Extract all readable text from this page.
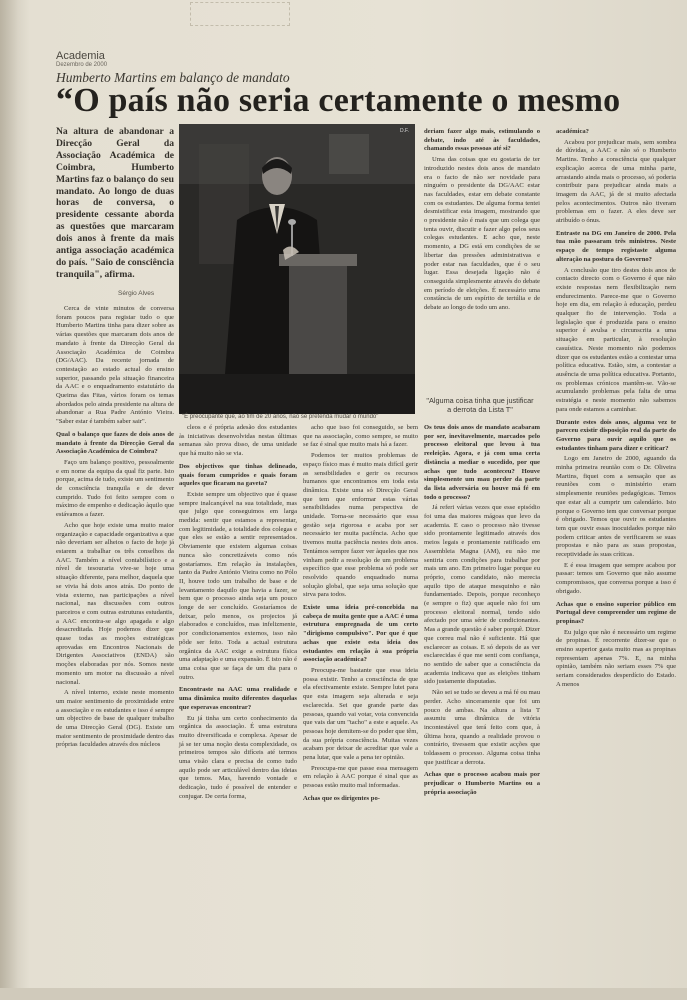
Academia
Dezembro de 2000
Humberto Martins em balanço de mandato
“O país não seria certamente o mesmo
Na altura de abandonar a Direcção Geral da Associação Académica de Coimbra, Humberto Martins faz o balanço do seu mandato. Ao longo de duas horas de conversa, o presidente cessante aborda as questões que marcaram dois anos à frente da mais antiga associação académica do país. "Saio de consciência tranquila", afirma.
Sérgio Alves
D.F.
"É preocupante que, ao fim de 20 anos, não se pretenda mudar o mundo"

Cerca de vinte minutos de conversa foram poucos para registar tudo o que Humberto Martins tinha para dizer sobre as várias questões que marcaram dois anos de mandato à frente da Direcção Geral da Associação Académica de Coimbra (DG/AAC). Da recente jornada de contestação ao estado actual do ensino superior, passando pela situação financeira da AAC e o enquadramento estatutário da Queima das Fitas, vários foram os temas abordados pelo ainda presidente na altura de abandonar a Rua Padre António Vieira. "Saber estar é também saber sair".

Qual o balanço que fazes de dois anos de mandato à frente da Direcção Geral da Associação Académica de Coimbra?

Faço um balanço positivo, pessoalmente e em nome da equipa da qual fiz parte. Isto porque, acima de tudo, existe um sentimento de consciência tranquila e de dever cumprido. Tudo foi feito sempre com o máximo de empenho e dedicação àquilo que estávamos a fazer.

Acho que hoje existe uma muito maior organização e capacidade organizativa a que não deveriam ser alheios o facto de hoje já estarem a trabalhar os três conselhos da AAC. Também a nível contabilístico e a nível de tesouraria vive-se hoje uma situação diferente, para melhor, daquela que se vivia há dois anos atrás. Do ponto de vista externo, nas participações a nível nacional, nas discussões com outros parceiros e com outras estruturas estudantis, a AAC encontra-se algo apagada e algo desacreditada. Hoje podemos dizer que quase todas as moções estratégicas aprovadas em Encontros Nacionais de Dirigentes Associativos (ENDA) são moções elaboradas por nós. Somos neste momento um motor na discussão a nível nacional.

A nível interno, existe neste momento um maior sentimento de proximidade entre a associação e os estudantes e isso é sempre um objectivo de base de qualquer trabalho de uma Direcção Geral (DG). Existe um maior sentimento de proximidade dentro das próprias faculdades através dos núcleos

cleos e é própria adesão dos estudantes às iniciativas desenvolvidas nestas últimas semanas são prova disso, de uma unidade que há muito não se via.

Dos objectivos que tinhas delineado, quais foram cumpridos e quais foram aqueles que ficaram na gaveta?

Existe sempre um objectivo que é quase sempre inalcançável na sua totalidade, mas que julgo que conseguimos em larga medida: sentir que estamos a representar, com legitimidade, a totalidade dos colegas e que eles se estão a sentir representados. Obviamente que existem algumas coisas nunca são concretizáveis como nós gostaríamos. Em relação às instalações, tanto da Padre António Vieira como no Pólo II, houve todo um trabalho de base e de levantamento daquilo que havia a fazer, se bem que o processo ainda seja um pouco longe de ser concluído. Gostaríamos de deixar, pelo menos, os projectos já elaborados e concluídos, mas infelizmente, por condicionamentos externos, isso não pôde ser feito. Toda a actual estrutura orgânica da AAC exige a estrutura física uma adaptação e uma expansão. É isto não é uma coisa que se faça de um dia para o outro.

Encontraste na AAC uma realidade e uma dinâmica muito diferentes daquelas que esperavas encontrar?

Eu já tinha um certo conhecimento da orgânica da associação. É uma estrutura muito diversificada e complexa. Apesar de já se ter uma noção desta complexidade, os primeiros tempos são difíceis até termos uma visão clara e precisa de como tudo aquilo pode ser articulável dentro das ideias que temos. Mas, havendo vontade e dedicação, tudo é possível de entender e conjugar. De certa forma,

acho que isso foi conseguido, se bem que na associação, como sempre, se muito se faz é sinal que muito mais há a fazer.

Podemos ter muitos problemas de espaço físico mas é muito mais difícil gerir as sensibilidades e gerir os recursos humanos que encontramos em toda esta dinâmica. Existe uma só Direcção Geral que tem que enformar estas várias sensibilidades numa perspectiva de unidade. Torna-se necessário que essa gestão seja rigorosa e acaba por ser necessário ter muita paciência. Acho que tivemos muita paciência nestes dois anos. Tentámos sempre fazer ver àqueles que nos vinham pedir a resolução de um problema específico que esse problema só pode ser resolvido quando enquadrado numa solução global, que seja uma solução que sirva para todos.

Existe uma ideia pré-concebida na cabeça de muita gente que a AAC é uma estrutura empregnada de um certo "dirigismo compulsivo". Por que é que achas que existe esta ideia dos estudantes em relação à sua própria associação académica?

Preocupa-me bastante que essa ideia possa existir. Tenho a consciência de que ela efectivamente existe. Sempre lutei para que esta imagem seja alterada e seja esclarecida. Sei que grande parte das pessoas, quando vai votar, vota convencida que vais dar um "tacho" a este e aquele. As pessoas hoje demitem-se do poder que têm, da sua própria consciência. Muitas vezes acabam por deixar de acreditar que vale a pena lutar, que vale a pena ter opinião.

Preocupa-me que passe essa mensagem em relação à AAC porque é sinal que as pessoas estão muito mal informadas.

Achas que os dirigentes po-

deriam fazer algo mais, estimulando o debate, indo até às faculdades, chamando essas pessoas até si?

Uma das coisas que eu gostaria de ter introduzido nestes dois anos de mandato era o facto de não ser novidade para ninguém o presidente da DG/AAC estar nas faculdades, estar em debate constante com os estudantes. De alguma forma tentei desmistificar esta imagem, mostrando que o presidente não é mais que um colega que tenta ouvir, discutir e fazer algo pelos seus colegas estudantes. E acho que, neste momento, a DG está em condições de se libertar das pressões administrativas e poder estar nas faculdades, que é o seu lugar. Essa desejada ligação não é conseguida simplesmente através do debate em período de eleições. É necessário uma constância de um espírito de tertúlia e de debate ao longo de todo um ano.

"Alguma coisa tinha que justificar a derrota da Lista T"

Os teus dois anos de mandato acabaram por ser, inevitavelmente, marcados pelo processo eleitoral que levou à tua reeleição. Agora, e já com uma certa distância a mediar o sucedido, por que achas que tudo aconteceu? Houve simplesmente um mau perder da parte da lista adversária ou houve má fé em todo o processo?

Já referi várias vezes que esse episódio foi uma das maiores mágoas que levo da academia. E caso o processo não tivesse sido prontamente legitimado através dos meios legais e prontamente ratificado em Assembleia Magna (AM), eu não me sentiria com condições para trabalhar por mais um ano. Em primeiro lugar porque eu próprio, como candidato, não merecia aquilo tipo de ataque mesquinho e não fundamentado. Depois, porque reconheço (e sempre o fiz) que aquele não foi um processo eleitoral normal, tendo sido afectado por uma série de condicionantes. Mas a grande questão é saber porquê. Dizer que correu mal não é suficiente. Há que esclarecer as coisas. E só depois de as ver esclarecidas é que me senti com confiança, no sentido de saber que a consciência da academia indicava que as eleições tinham sido justamente disputadas.

Não sei se tudo se deveu a má fé ou mau perder. Acho sinceramente que foi um pouco de ambas. Na altura a lista T assumiu uma dinâmica de vitória incontestável que terá feito com que, à última hora, quando a realidade provou o contrário, tivessem que existir acções que toldassem o processo. Alguma coisa tinha que justificar a derrota.

Achas que o processo acabou mais por prejudicar o Humberto Martins ou a própria associação

académica?

Acabou por prejudicar mais, sem sombra de dúvidas, a AAC e não só o Humberto Martins. Tenho a consciência que qualquer explicação acerca de uma minha parte, arrastando ainda mais o processo, só poderia contribuir para prejudicar ainda mais a imagem da AAC, já de si muito afectada pelos acontecimentos. Outros não tiveram problemas em o fazer. A eles deve ser atribuído o ónus.

Entraste na DG em Janeiro de 2000. Pela tua mão passaram três ministros. Neste espaço de tempo registaste alguma alteração na postura do Governo?

A conclusão que tiro destes dois anos de contacto directo com o Governo é que não existe respostas nem flexibilização nem endurecimento. Parece-me que o Governo hoje em dia, em relação à educação, perdeu qualquer fio de intervenção. Toda a legislação que é produzida para o ensino superior é avulsa e circunscrita a uma situação em particular, à resolução casuística. Neste momento não podemos dizer que os estudantes estão a contestar uma política educativa. Estão, sim, a contestar a ausência de uma política educativa. Portanto, os problemas crónicos mantêm-se. Vão-se acumulando problemas pela falta de uma estratégia e neste momento não sabemos para onde estamos a caminhar.

Durante estes dois anos, alguma vez te pareceu existir disposição real da parte do Governo para ouvir aquilo que os estudantes tinham para dizer e criticar?

Logo em Janeiro de 2000, aguando da minha primeira reunião com o Dr. Oliveira Martins, fiquei com a sensação que as reuniões com o ministério eram simplesmente reuniões pedagógicas. Temos que estar ali a cumprir um calendário. Isto porque o Governo tem que conversar porque é obrigado. Temos que ouvir os estudantes tem que ouvir essas inocuidades porque não podem criticar antes de verificarem se suas propostas e não para as suas propostas, receptividade às suas críticas.

E é essa imagem que sempre acabou por passar: temos um Governo que não assume compromissos, que conversa porque a isso é obrigado.

Achas que o ensino superior público em Portugal deve compreender um regime de propinas?

Eu julgo que não é necessário um regime de propinas. É recorrente dizer-se que o ensino superior gasta muito mas as propinas representam apenas 7%. E, na minha opinião, também não seriam esses 7% que seriam considerados desperdício do Estado. A menos
